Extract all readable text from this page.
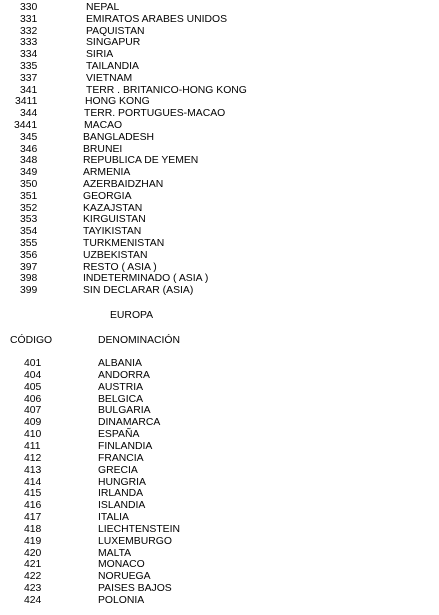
330	NEPAL
331	EMIRATOS ARABES UNIDOS
332	PAQUISTAN
333	SINGAPUR
334	SIRIA
335	TAILANDIA
337	VIETNAM
341	TERR . BRITANICO-HONG KONG
3411	HONG KONG
344	TERR. PORTUGUES-MACAO
3441	MACAO
345	BANGLADESH
346	BRUNEI
348	REPUBLICA DE YEMEN
349	ARMENIA
350	AZERBAIDZHAN
351	GEORGIA
352	KAZAJSTAN
353	KIRGUISTAN
354	TAYIKISTAN
355	TURKMENISTAN
356	UZBEKISTAN
397	RESTO ( ASIA )
398	INDETERMINADO ( ASIA )
399	SIN DECLARAR (ASIA)
EUROPA
CÓDIGO	DENOMINACIÓN
401	ALBANIA
404	ANDORRA
405	AUSTRIA
406	BELGICA
407	BULGARIA
409	DINAMARCA
410	ESPAÑA
411	FINLANDIA
412	FRANCIA
413	GRECIA
414	HUNGRIA
415	IRLANDA
416	ISLANDIA
417	ITALIA
418	LIECHTENSTEIN
419	LUXEMBURGO
420	MALTA
421	MONACO
422	NORUEGA
423	PAISES BAJOS
424	POLONIA
